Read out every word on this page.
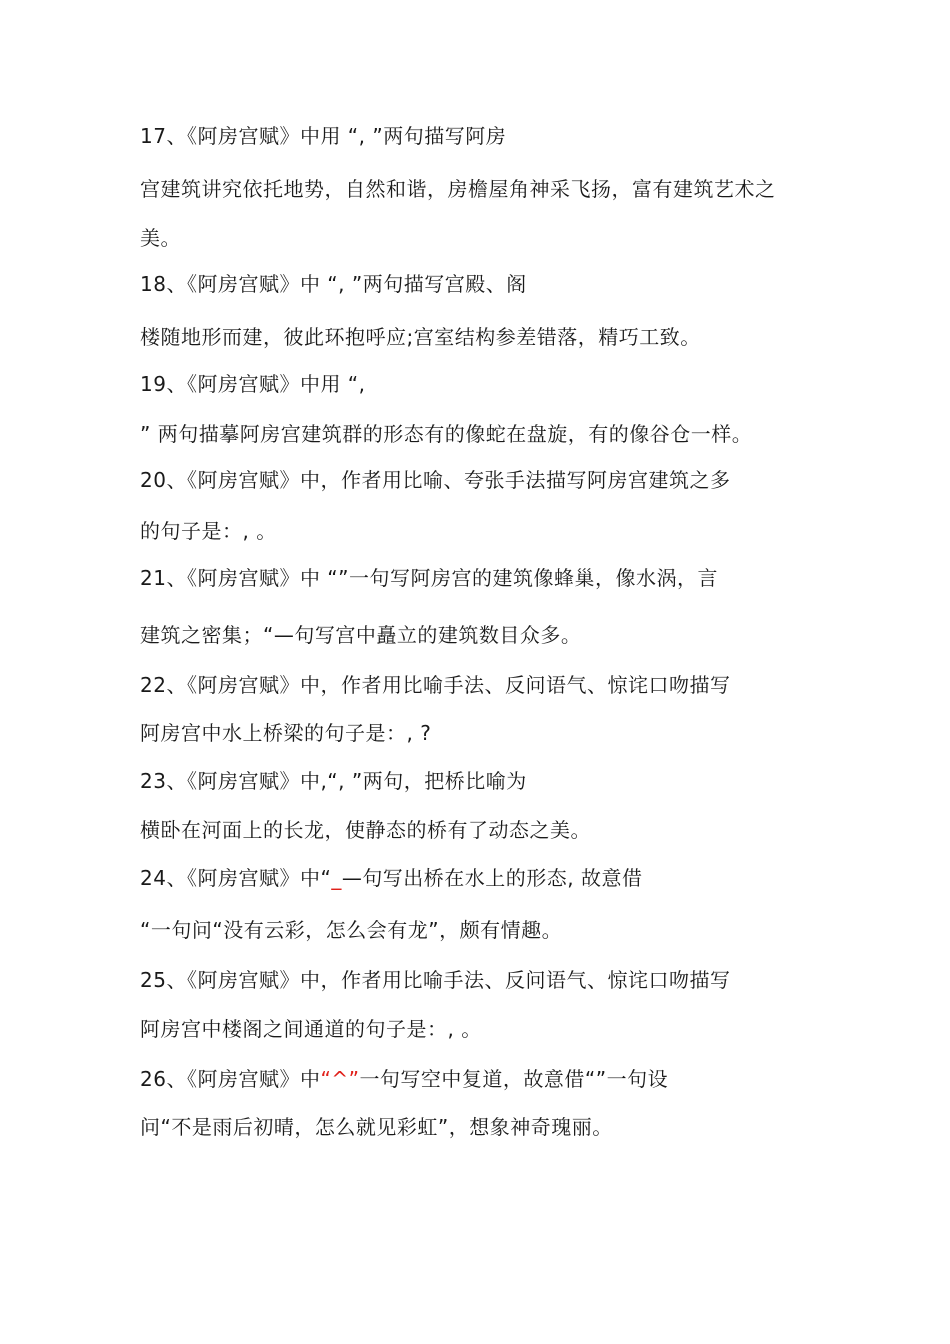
17、《阿房宫赋》中用 “, ”两句描写阿房
宫建筑讲究依托地势，自然和谐，房檐屋角神采飞扬，富有建筑艺术之
美。
18、《阿房宫赋》中 “, ”两句描写宫殿、阁
楼随地形而建，彼此环抱呼应;宫室结构参差错落，精巧工致。
19、《阿房宫赋》中用 “,
” 两句描摹阿房宫建筑群的形态有的像蛇在盘旋，有的像谷仓一样。
20、《阿房宫赋》中，作者用比喻、夸张手法描写阿房宫建筑之多
的句子是：, 。
21、《阿房宫赋》中 “”一句写阿房宫的建筑像蜂巢，像水涡，言
建筑之密集；“—句写宫中矗立的建筑数目众多。
22、《阿房宫赋》中，作者用比喻手法、反问语气、惊诧口吻描写
阿房宫中水上桥梁的句子是：, ?
23、《阿房宫赋》中,“, ”两句，把桥比喻为
横卧在河面上的长龙，使静态的桥有了动态之美。
24、《阿房宫赋》中“_—句写出桥在水上的形态, 故意借
“一句问“没有云彩，怎么会有龙”，颇有情趣。
25、《阿房宫赋》中，作者用比喻手法、反问语气、惊诧口吻描写
阿房宫中楼阁之间通道的句子是：, 。
26、《阿房宫赋》中“^”一句写空中复道，故意借“”一句设
问“不是雨后初晴，怎么就见彩虹”，想象神奇瑰丽。
